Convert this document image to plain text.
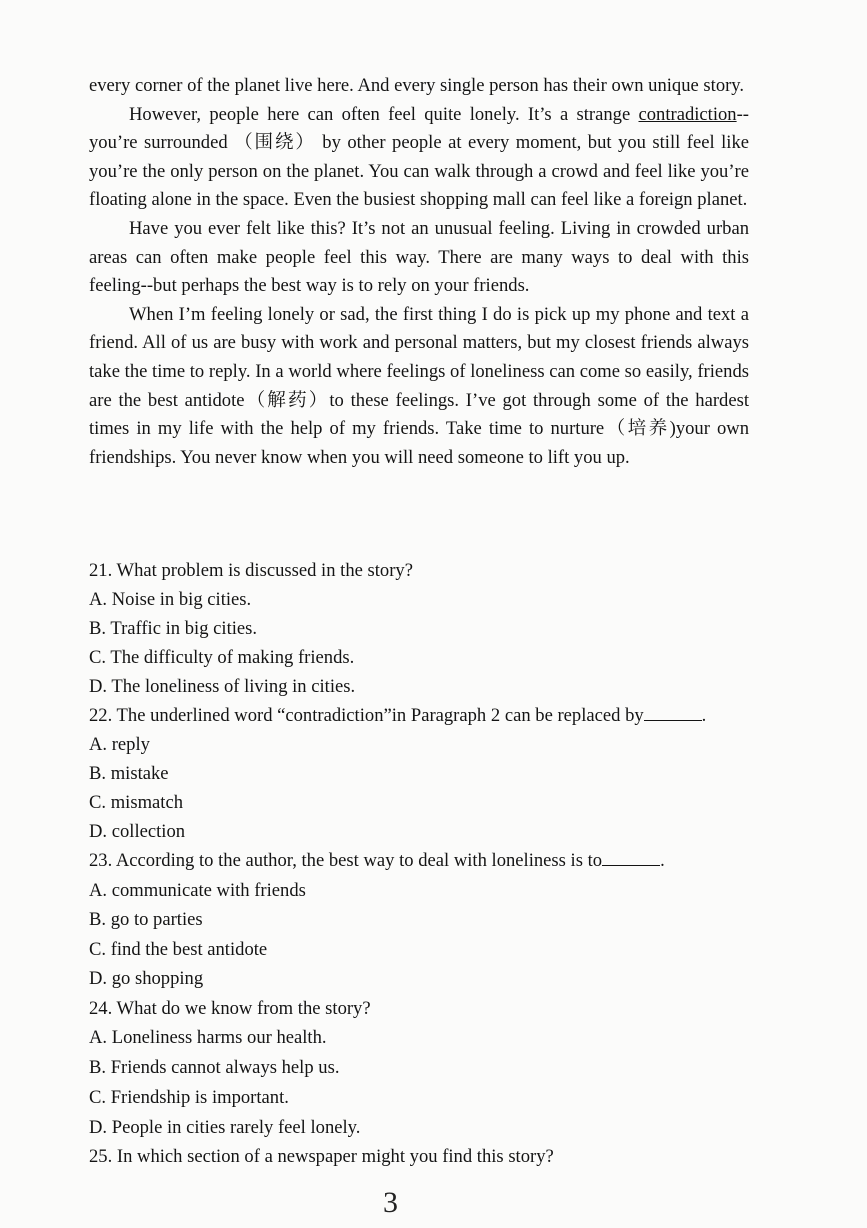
every corner of the planet live here. And every single person has their own unique story.

However, people here can often feel quite lonely. It’s a strange contradiction--you’re surrounded （围绕） by other people at every moment, but you still feel like you’re the only person on the planet. You can walk through a crowd and feel like you’re floating alone in the space. Even the busiest shopping mall can feel like a foreign planet.

Have you ever felt like this? It’s not an unusual feeling. Living in crowded urban areas can often make people feel this way. There are many ways to deal with this feeling--but perhaps the best way is to rely on your friends.

When I’m feeling lonely or sad, the first thing I do is pick up my phone and text a friend. All of us are busy with work and personal matters, but my closest friends always take the time to reply. In a world where feelings of loneliness can come so easily, friends are the best antidote（解药）to these feelings. I’ve got through some of the hardest times in my life with the help of my friends. Take time to nurture（培养)your own friendships. You never know when you will need someone to lift you up.

21. What problem is discussed in the story?

A. Noise in big cities.

B. Traffic in big cities.

C. The difficulty of making friends.

D. The loneliness of living in cities.

22. The underlined word “contradiction”in Paragraph 2 can be replaced by	.

A. reply

B. mistake

C. mismatch

D. collection

23. According to the author, the best way to deal with loneliness is to	.

A. communicate with friends

B. go to parties

C. find the best antidote

D. go shopping

24. What do we know from the story?

A. Loneliness harms our health.

B. Friends cannot always help us.

C. Friendship is important.

D. People in cities rarely feel lonely.

25. In which section of a newspaper might you find this story?

3
